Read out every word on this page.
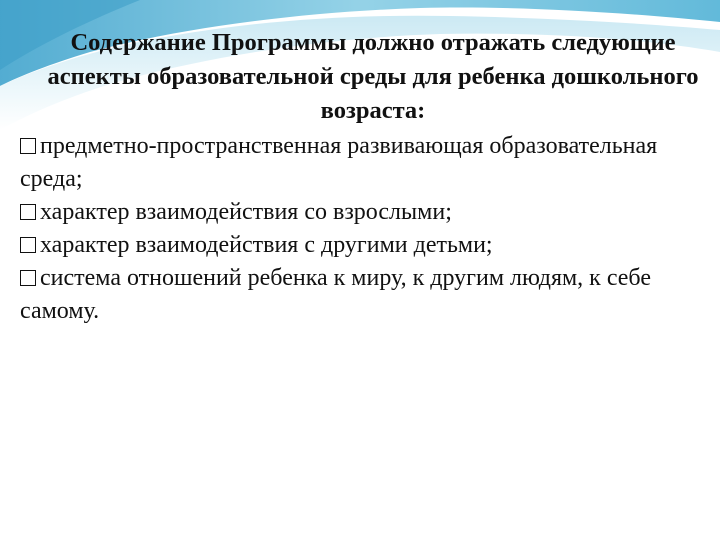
Содержание Программы должно отражать следующие аспекты образовательной среды для ребенка дошкольного возраста:

предметно-пространственная развивающая образовательная среда;

характер взаимодействия со взрослыми;

характер взаимодействия с другими детьми;

система отношений ребенка к миру, к другим людям, к себе самому.
